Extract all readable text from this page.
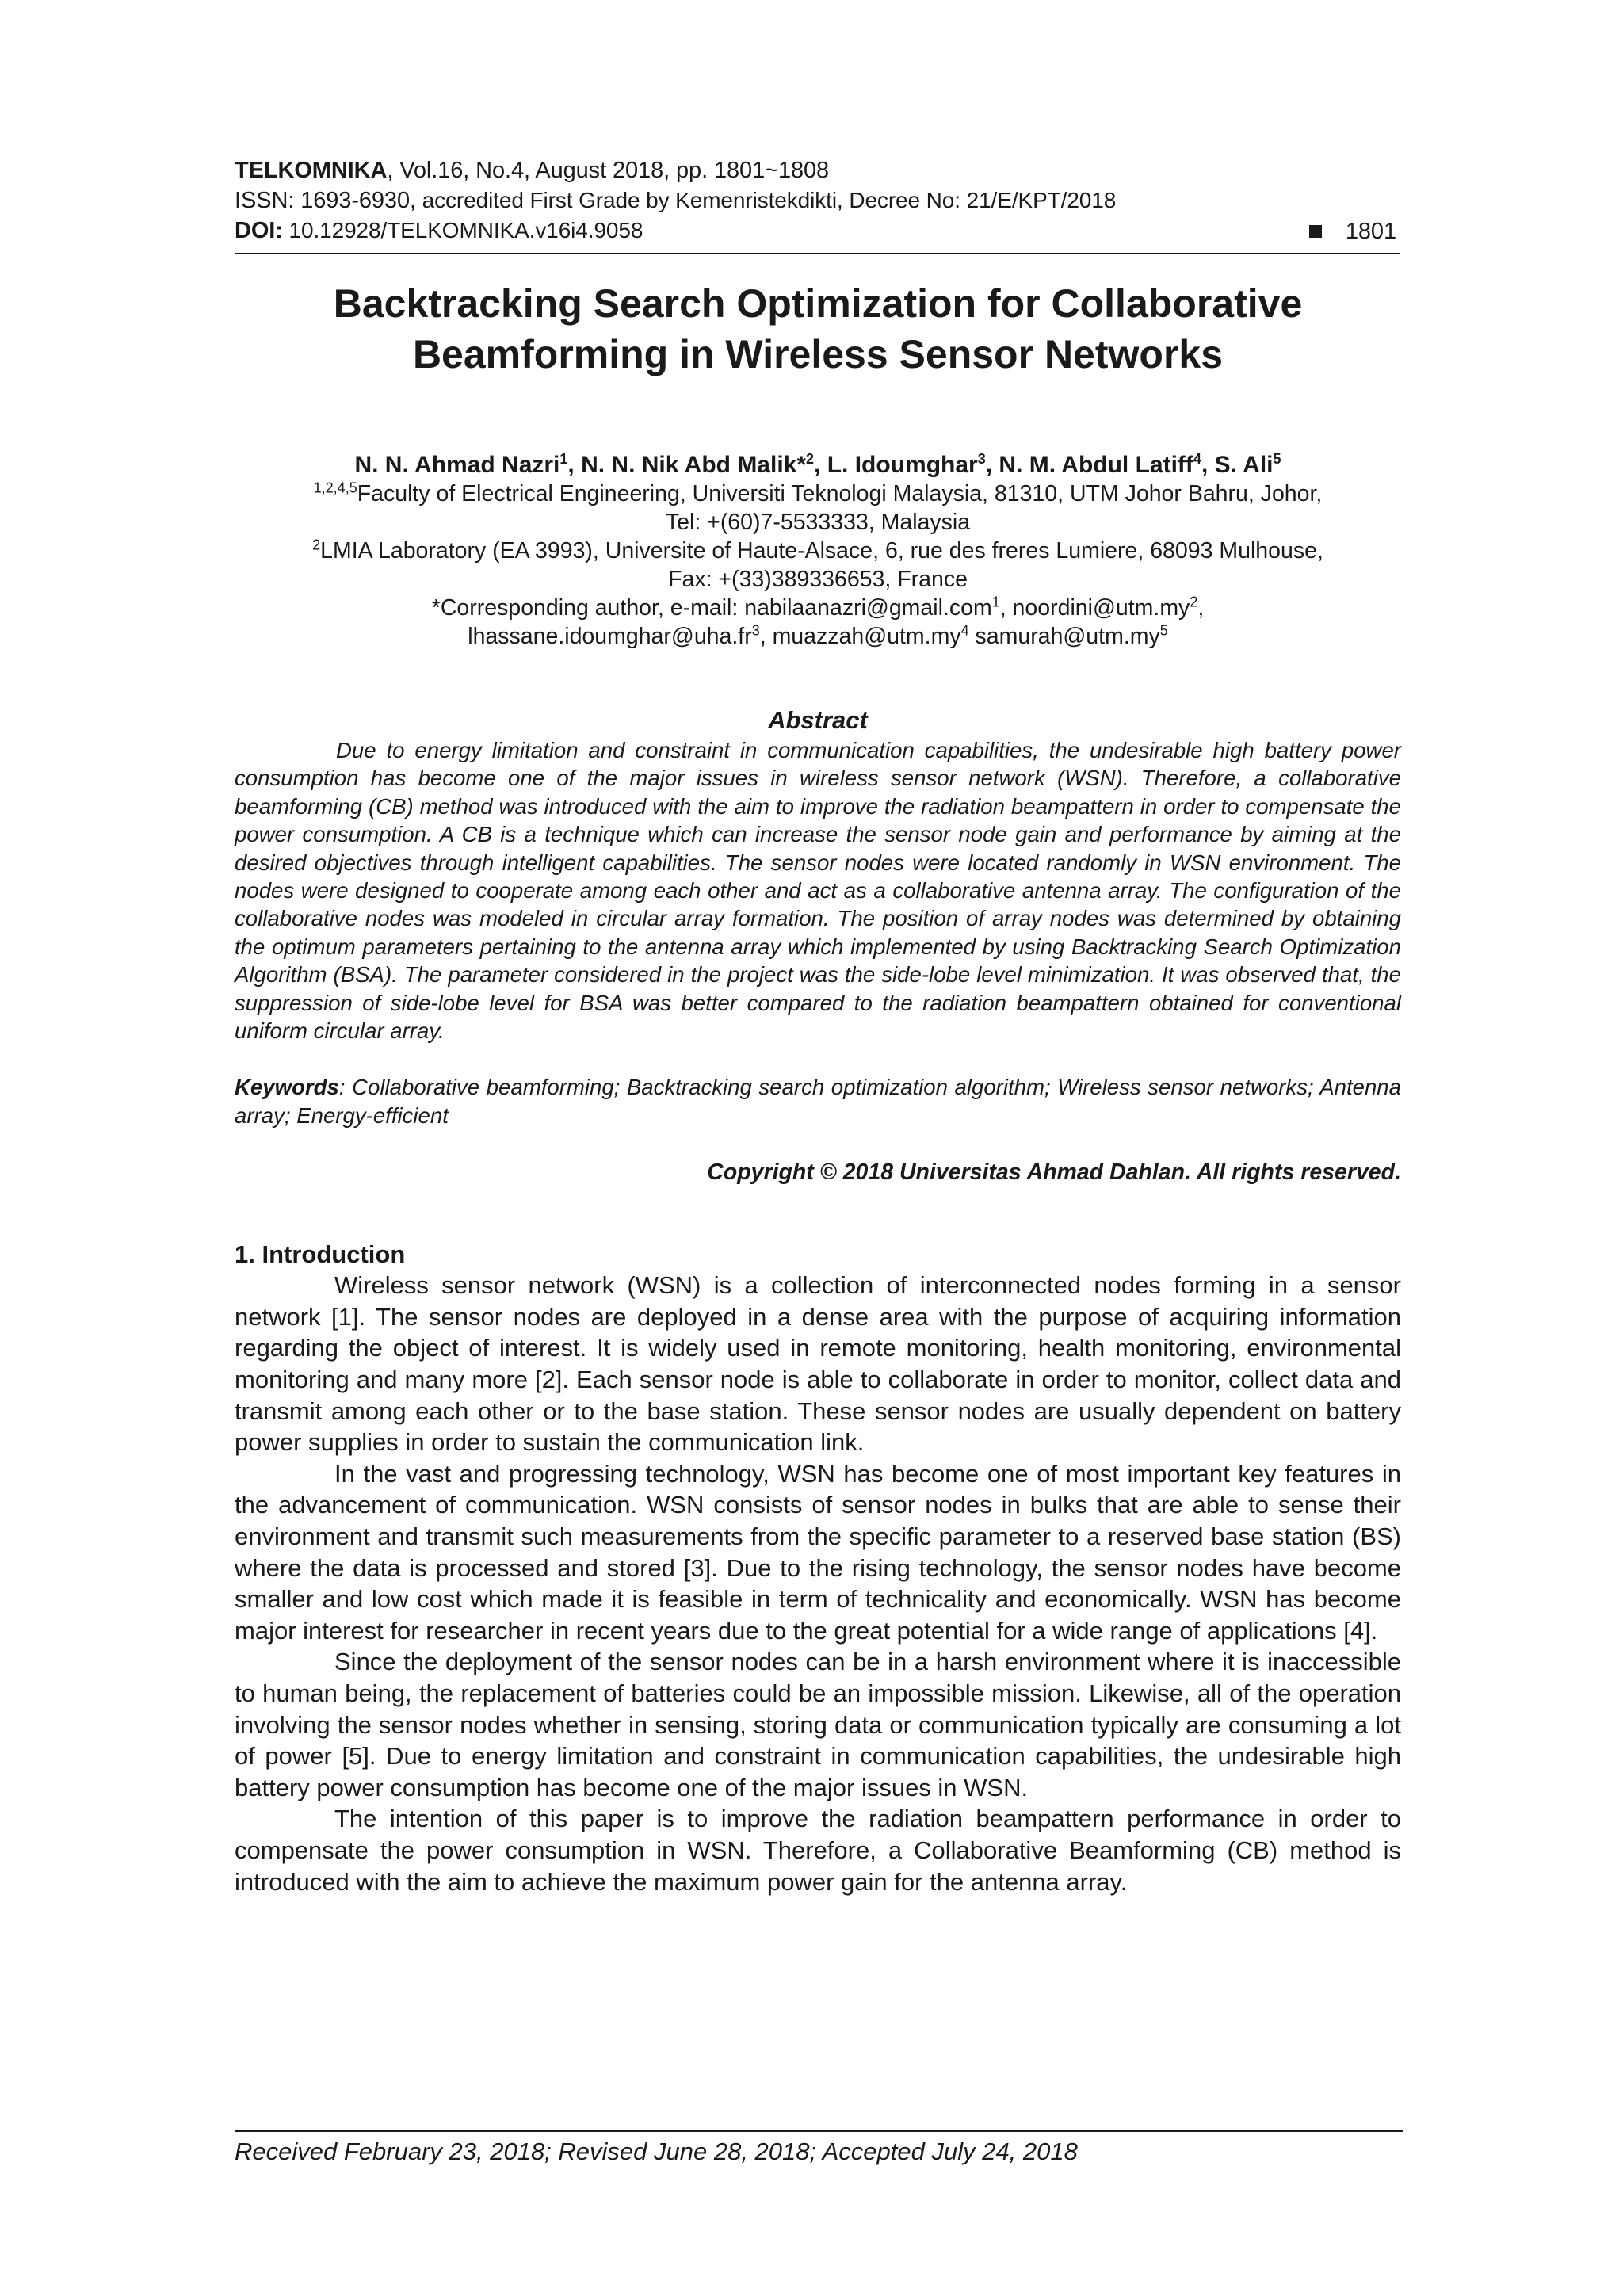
TELKOMNIKA, Vol.16, No.4, August 2018, pp. 1801~1808
ISSN: 1693-6930, accredited First Grade by Kemenristekdikti, Decree No: 21/E/KPT/2018
DOI: 10.12928/TELKOMNIKA.v16i4.9058	1801
Backtracking Search Optimization for Collaborative
Beamforming in Wireless Sensor Networks
N. N. Ahmad Nazri$^1$, N. N. Nik Abd Malik*$^2$, L. Idoumghar$^3$, N. M. Abdul Latiff$^4$, S. Ali$^5$
$^{1,2,4,5}$Faculty of Electrical Engineering, Universiti Teknologi Malaysia, 81310, UTM Johor Bahru, Johor,
Tel: +(60)7-5533333, Malaysia
$^2$LMIA Laboratory (EA 3993), Universite of Haute-Alsace, 6, rue des freres Lumiere, 68093 Mulhouse,
Fax: +(33)389336653, France
*Corresponding author, e-mail: nabilaanazri@gmail.com$^1$, $noordini@utm.my^2$,
$lhassane.idoumghar@uha.fr^3$, $muazzah@utm.my^4$ $samurah@utm.my^5$
Abstract

Due to energy limitation and constraint in communication capabilities, the undesirable high battery power consumption has become one of the major issues in wireless sensor network (WSN). Therefore, a collaborative beamforming (CB) method was introduced with the aim to improve the radiation beampattern in order to compensate the power consumption. A CB is a technique which can increase the sensor node gain and performance by aiming at the desired objectives through intelligent capabilities. The sensor nodes were located randomly in WSN environment. The nodes were designed to cooperate among each other and act as a collaborative antenna array. The configuration of the collaborative nodes was modeled in circular array formation. The position of array nodes was determined by obtaining the optimum parameters pertaining to the antenna array which implemented by using Backtracking Search Optimization Algorithm (BSA). The parameter considered in the project was the side-lobe level minimization. It was observed that, the suppression of side-lobe level for BSA was better compared to the radiation beampattern obtained for conventional uniform circular array.

Keywords: Collaborative beamforming; Backtracking search optimization algorithm; Wireless sensor networks; Antenna array; Energy-efficient
Copyright © 2018 Universitas Ahmad Dahlan. All rights reserved.
1. Introduction

Wireless sensor network (WSN) is a collection of interconnected nodes forming in a sensor network [1]. The sensor nodes are deployed in a dense area with the purpose of acquiring information regarding the object of interest. It is widely used in remote monitoring, health monitoring, environmental monitoring and many more [2]. Each sensor node is able to collaborate in order to monitor, collect data and transmit among each other or to the base station. These sensor nodes are usually dependent on battery power supplies in order to sustain the communication link.

In the vast and progressing technology, WSN has become one of most important key features in the advancement of communication. WSN consists of sensor nodes in bulks that are able to sense their environment and transmit such measurements from the specific parameter to a reserved base station (BS) where the data is processed and stored [3]. Due to the rising technology, the sensor nodes have become smaller and low cost which made it is feasible in term of technicality and economically. WSN has become major interest for researcher in recent years due to the great potential for a wide range of applications [4].

Since the deployment of the sensor nodes can be in a harsh environment where it is inaccessible to human being, the replacement of batteries could be an impossible mission. Likewise, all of the operation involving the sensor nodes whether in sensing, storing data or communication typically are consuming a lot of power [5]. Due to energy limitation and constraint in communication capabilities, the undesirable high battery power consumption has become one of the major issues in WSN.

The intention of this paper is to improve the radiation beampattern performance in order to compensate the power consumption in WSN. Therefore, a Collaborative Beamforming (CB) method is introduced with the aim to achieve the maximum power gain for the antenna array.

Received February 23, 2018; Revised June 28, 2018; Accepted July 24, 2018
